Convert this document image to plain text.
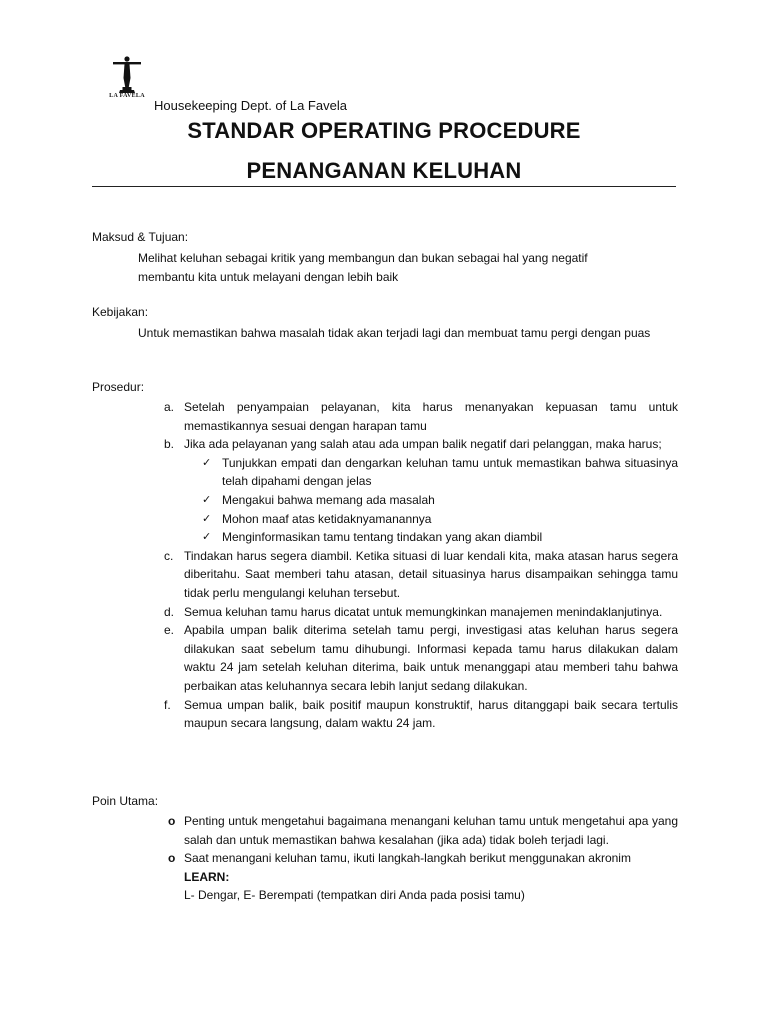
LA FAVELA
Housekeeping Dept. of La Favela
STANDAR OPERATING PROCEDURE
PENANGANAN KELUHAN
Maksud & Tujuan:
Melihat keluhan sebagai kritik yang membangun dan bukan sebagai hal yang negatif
membantu kita untuk melayani dengan lebih baik
Kebijakan:
Untuk memastikan bahwa masalah tidak akan terjadi lagi dan membuat tamu pergi dengan puas
Prosedur:
a. Setelah penyampaian pelayanan, kita harus menanyakan kepuasan tamu untuk memastikannya sesuai dengan harapan tamu
b. Jika ada pelayanan yang salah atau ada umpan balik negatif dari pelanggan, maka harus;
✓ Tunjukkan empati dan dengarkan keluhan tamu untuk memastikan bahwa situasinya telah dipahami dengan jelas
✓ Mengakui bahwa memang ada masalah
✓ Mohon maaf atas ketidaknyamanannya
✓ Menginformasikan tamu tentang tindakan yang akan diambil
c. Tindakan harus segera diambil. Ketika situasi di luar kendali kita, maka atasan harus segera diberitahu. Saat memberi tahu atasan, detail situasinya harus disampaikan sehingga tamu tidak perlu mengulangi keluhan tersebut.
d. Semua keluhan tamu harus dicatat untuk memungkinkan manajemen menindaklanjutinya.
e. Apabila umpan balik diterima setelah tamu pergi, investigasi atas keluhan harus segera dilakukan saat sebelum tamu dihubungi. Informasi kepada tamu harus dilakukan dalam waktu 24 jam setelah keluhan diterima, baik untuk menanggapi atau memberi tahu bahwa perbaikan atas keluhannya secara lebih lanjut sedang dilakukan.
f. Semua umpan balik, baik positif maupun konstruktif, harus ditanggapi baik secara tertulis maupun secara langsung, dalam waktu 24 jam.
Poin Utama:
o Penting untuk mengetahui bagaimana menangani keluhan tamu untuk mengetahui apa yang salah dan untuk memastikan bahwa kesalahan (jika ada) tidak boleh terjadi lagi.
o Saat menangani keluhan tamu, ikuti langkah-langkah berikut menggunakan akronim
LEARN:
L- Dengar, E- Berempati (tempatkan diri Anda pada posisi tamu)
